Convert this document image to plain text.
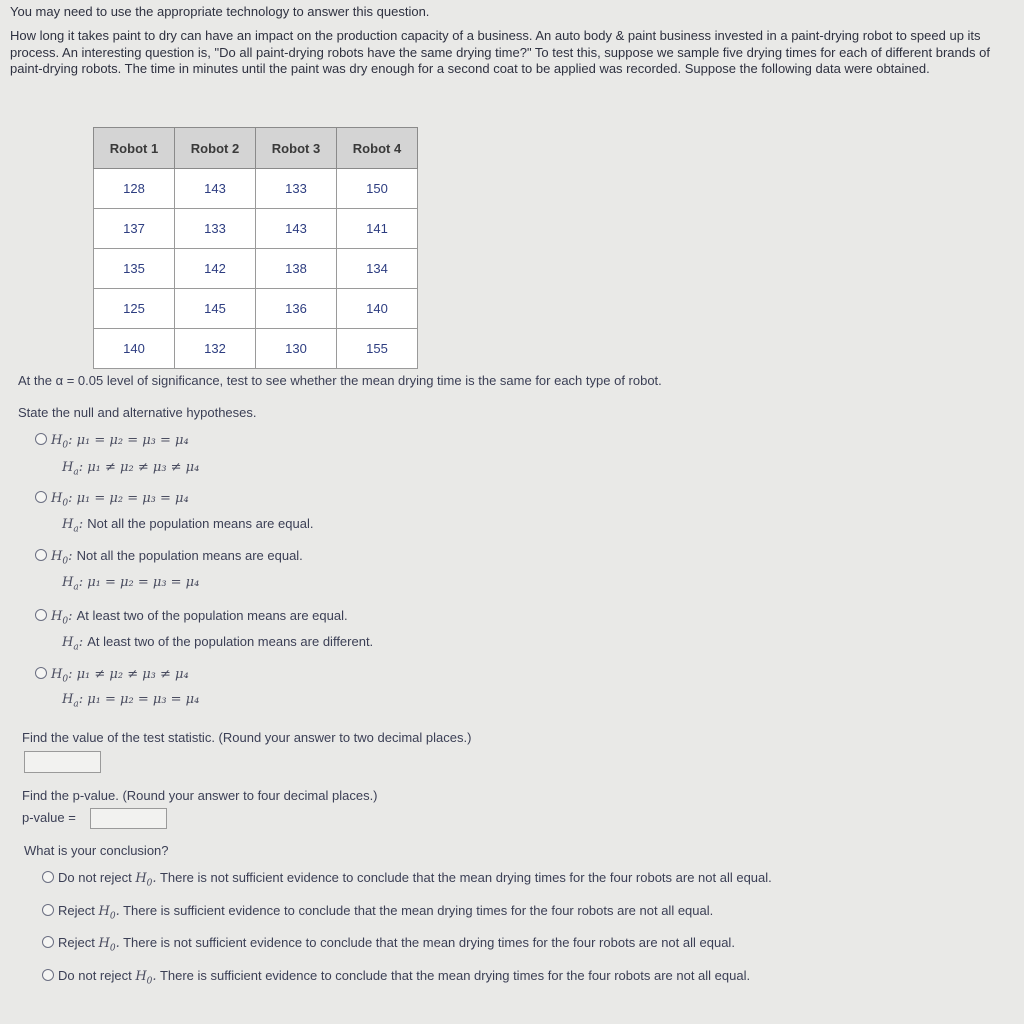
You may need to use the appropriate technology to answer this question.
How long it takes paint to dry can have an impact on the production capacity of a business. An auto body & paint business invested in a paint-drying robot to speed up its process. An interesting question is, "Do all paint-drying robots have the same drying time?" To test this, suppose we sample five drying times for each of different brands of paint-drying robots. The time in minutes until the paint was dry enough for a second coat to be applied was recorded. Suppose the following data were obtained.
Robot 1	Robot 2	Robot 3	Robot 4
128	143	133	150
137	133	143	141
135	142	138	134
125	145	136	140
140	132	130	155
At the α = 0.05 level of significance, test to see whether the mean drying time is the same for each type of robot.
State the null and alternative hypotheses.
$H_0$: μ₁ = μ₂ = μ₃ = μ₄
$H_a$: μ₁ ≠ μ₂ ≠ μ₃ ≠ μ₄
$H_0$: μ₁ = μ₂ = μ₃ = μ₄
$H_a$: Not all the population means are equal.
$H_0$: Not all the population means are equal.
$H_a$: μ₁ = μ₂ = μ₃ = μ₄
$H_0$: At least two of the population means are equal.
$H_a$: At least two of the population means are different.
$H_0$: μ₁ ≠ μ₂ ≠ μ₃ ≠ μ₄
$H_a$: μ₁ = μ₂ = μ₃ = μ₄
Find the value of the test statistic. (Round your answer to two decimal places.)
Find the p-value. (Round your answer to four decimal places.)
p-value =
What is your conclusion?
Do not reject $H_0$. There is not sufficient evidence to conclude that the mean drying times for the four robots are not all equal.
Reject $H_0$. There is sufficient evidence to conclude that the mean drying times for the four robots are not all equal.
Reject $H_0$. There is not sufficient evidence to conclude that the mean drying times for the four robots are not all equal.
Do not reject $H_0$. There is sufficient evidence to conclude that the mean drying times for the four robots are not all equal.
